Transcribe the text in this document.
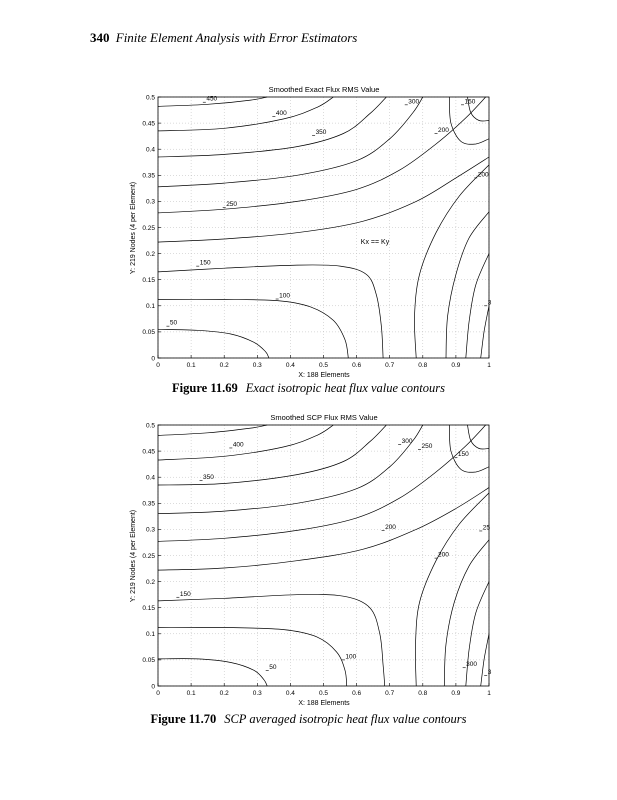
340 Finite Element Analysis with Error Estimators
Smoothed Exact Flux RMS Value
0	0.1	0.2	0.3	0.4	0.5	0.6	0.7	0.8	0.9	1
0
0.05
0.1
0.15
0.2
0.25
0.3
0.35
0.4
0.45
0.5	450
400
350
300	150
200
200
250
150
100
50
3
X: 188 Elements
Y: 219 Nodes (4 per Element)	Kx == Ky
Figure 11.69 Exact isotropic heat flux value contours
Smoothed SCP Flux RMS Value
0	0.1	0.2	0.3	0.4	0.5	0.6	0.7	0.8	0.9	1
0
0.05
0.1
0.15
0.2
0.25
0.3
0.35
0.4
0.45
0.5
400
350
300
250
150
200	25
200
150
100
50	300
3
X: 188 Elements
Y: 219 Nodes (4 per Element)
Figure 11.70 SCP averaged isotropic heat flux value contours
